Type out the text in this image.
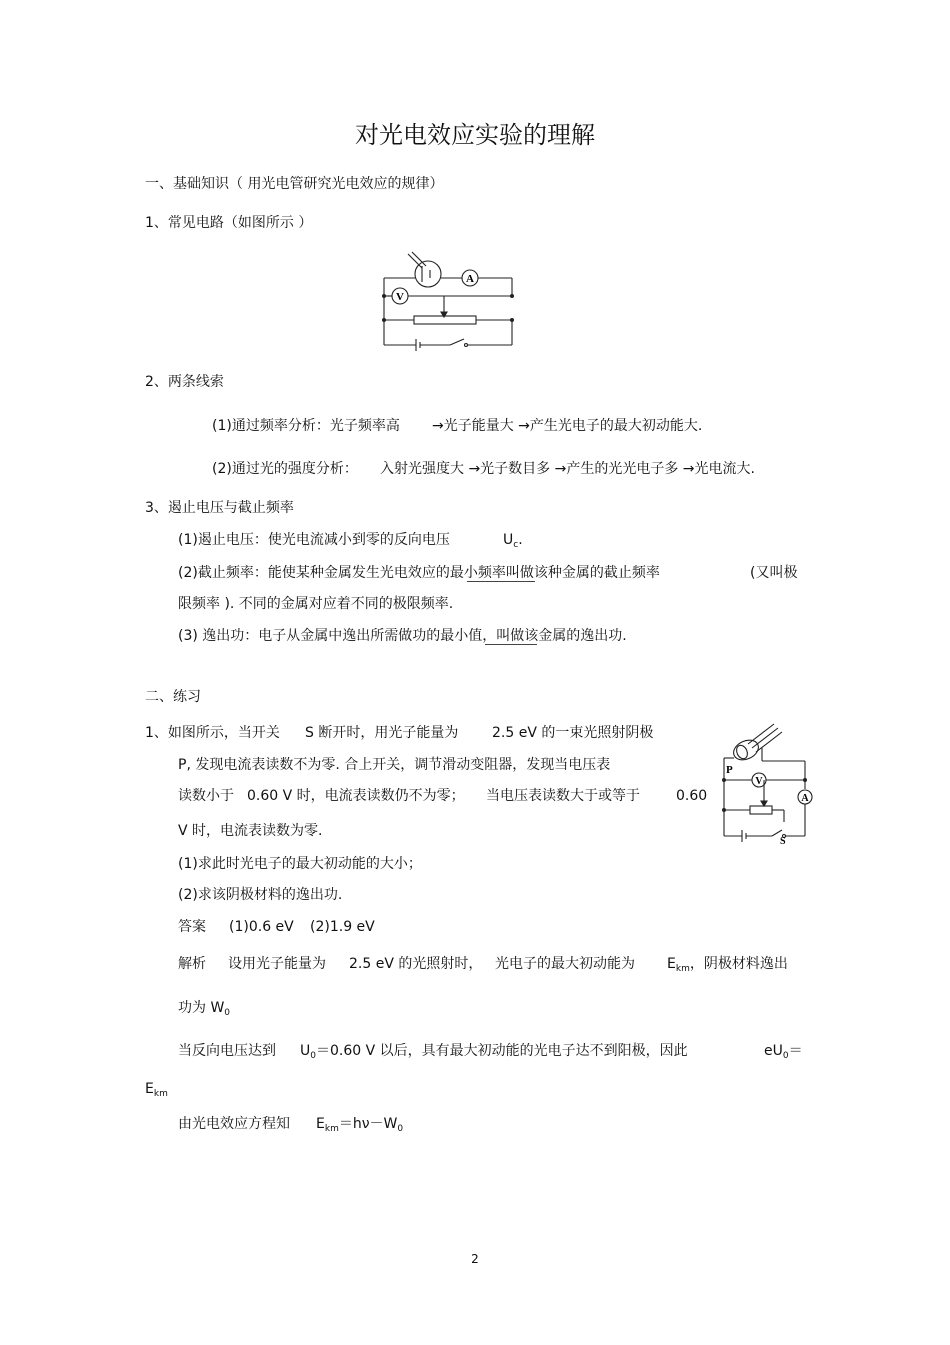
对光电效应实验的理解
一、基础知识（ 用光电管研究光电效应的规律）
1、常见电路（如图所示 ）
A
V
2、两条线索
(1)通过频率分析：光子频率高 →光子能量大 →产生光电子的最大初动能大.
(2)通过光的强度分析： 入射光强度大 →光子数目多 →产生的光光电子多 →光电流大.
3、遏止电压与截止频率
(1)遏止电压：使光电流减小到零的反向电压	$U_c$.
(2)截止频率：能使某种金属发生光电效应的最小频率叫做该种金属的截止频率	(又叫极
限频率 ). 不同的金属对应着不同的极限频率.
(3) 逸出功：电子从金属中逸出所需做功的最小值，叫做该金属的逸出功.
二、练习
1、如图所示，当开关 S 断开时，用光子能量为 2.5 eV 的一束光照射阴极
P, 发现电流表读数不为零. 合上开关，调节滑动变阻器，发现当电压表
读数小于 0.60 V 时，电流表读数仍不为零； 当电压表读数大于或等于	0.60
V 时，电流表读数为零.
P
V
A
S
(1)求此时光电子的最大初动能的大小；
(2)求该阴极材料的逸出功.
答案 (1)0.6 eV (2)1.9 eV
解析 设用光子能量为 2.5 eV 的光照射时， 光电子的最大初动能为 $E_{km}$，阴极材料逸出
功为 $W_0$
当反向电压达到 $U_0=0.60$ V 以后，具有最大初动能的光电子达不到阳极，因此	$eU_0=$
$E_{km}$
由光电效应方程知 $E_{km}=h\nu-W_0$
2
